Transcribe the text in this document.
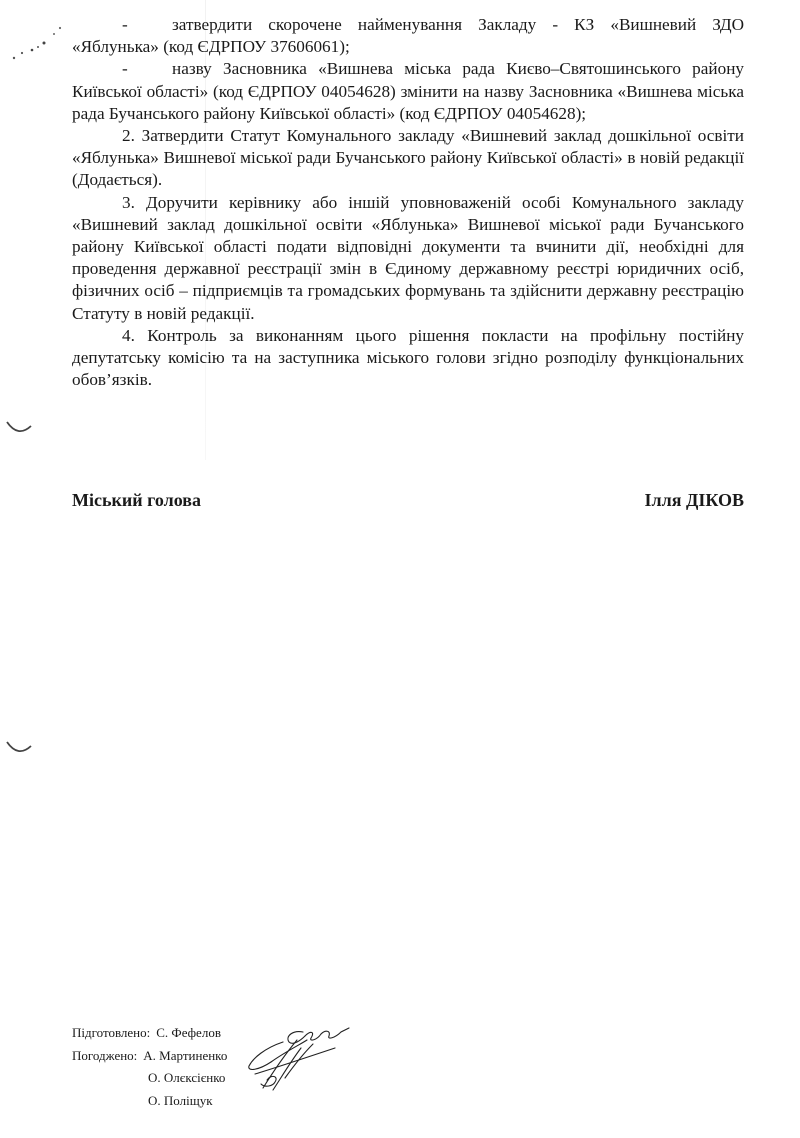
-	затвердити скорочене найменування Закладу - КЗ «Вишневий ЗДО «Яблунька» (код ЄДРПОУ 37606061);

-	назву Засновника «Вишнева міська рада Києво–Святошинського району Київської області» (код ЄДРПОУ 04054628) змінити на назву Засновника «Вишнева міська рада Бучанського району Київської області» (код ЄДРПОУ 04054628);

2. Затвердити Статут Комунального закладу «Вишневий заклад дошкільної освіти «Яблунька» Вишневої міської ради Бучанського району Київської області» в новій редакції (Додається).

3. Доручити керівнику або іншій уповноваженій особі Комунального закладу «Вишневий заклад дошкільної освіти «Яблунька» Вишневої міської ради Бучанського району Київської області подати відповідні документи та вчинити дії, необхідні для проведення державної реєстрації змін в Єдиному державному реєстрі юридичних осіб, фізичних осіб – підприємців та громадських формувань та здійснити державну реєстрацію Статуту в новій редакції.

4. Контроль за виконанням цього рішення покласти на профільну постійну депутатську комісію та на заступника міського голови згідно розподілу функціональних обов’язків.

Міський голова	Ілля ДІКОВ
Підготовлено: С. Фефелов
Погоджено: А. Мартиненко
О. Олєксієнко
О. Поліщук
